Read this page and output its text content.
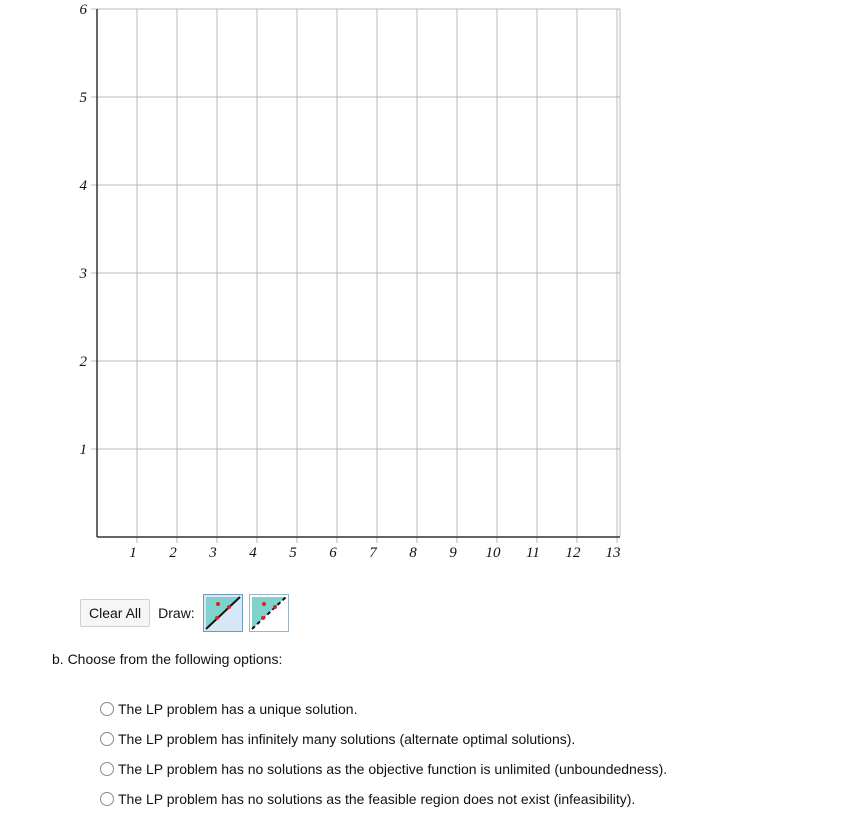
1 2 3 4 5 6 7 8 9 10 11 12 13
1
2
3
4
5
6
Clear All	Draw:
b. Choose from the following options:
The LP problem has a unique solution.
The LP problem has infinitely many solutions (alternate optimal solutions).
The LP problem has no solutions as the objective function is unlimited (unboundedness).
The LP problem has no solutions as the feasible region does not exist (infeasibility).
